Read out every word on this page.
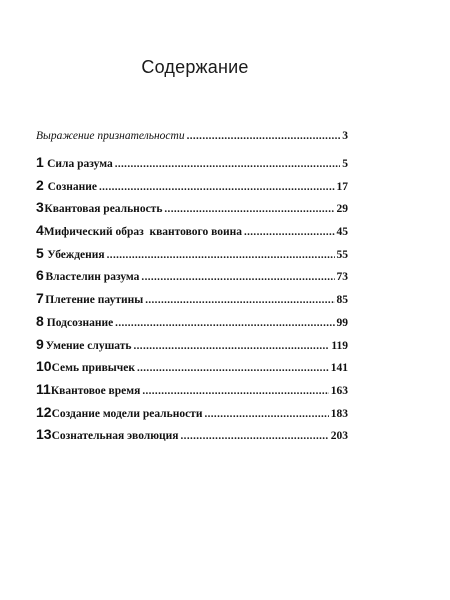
Содержание
Выражение признательности .....	3
1 Сила разума .....	5
2 Сознание .....	17
3 Квантовая реальность .....	29
4 Мифический образ  квантового воина .....	45
5 Убеждения .....	55
6 Властелин разума .....	73
7 Плетение паутины .....	85
8 Подсознание .....	99
9 Умение слушать .....	119
10 Семь привычек .....	141
11 Квантовое время .....	163
12 Создание модели реальности .....	183
13 Сознательная эволюция .....	203
